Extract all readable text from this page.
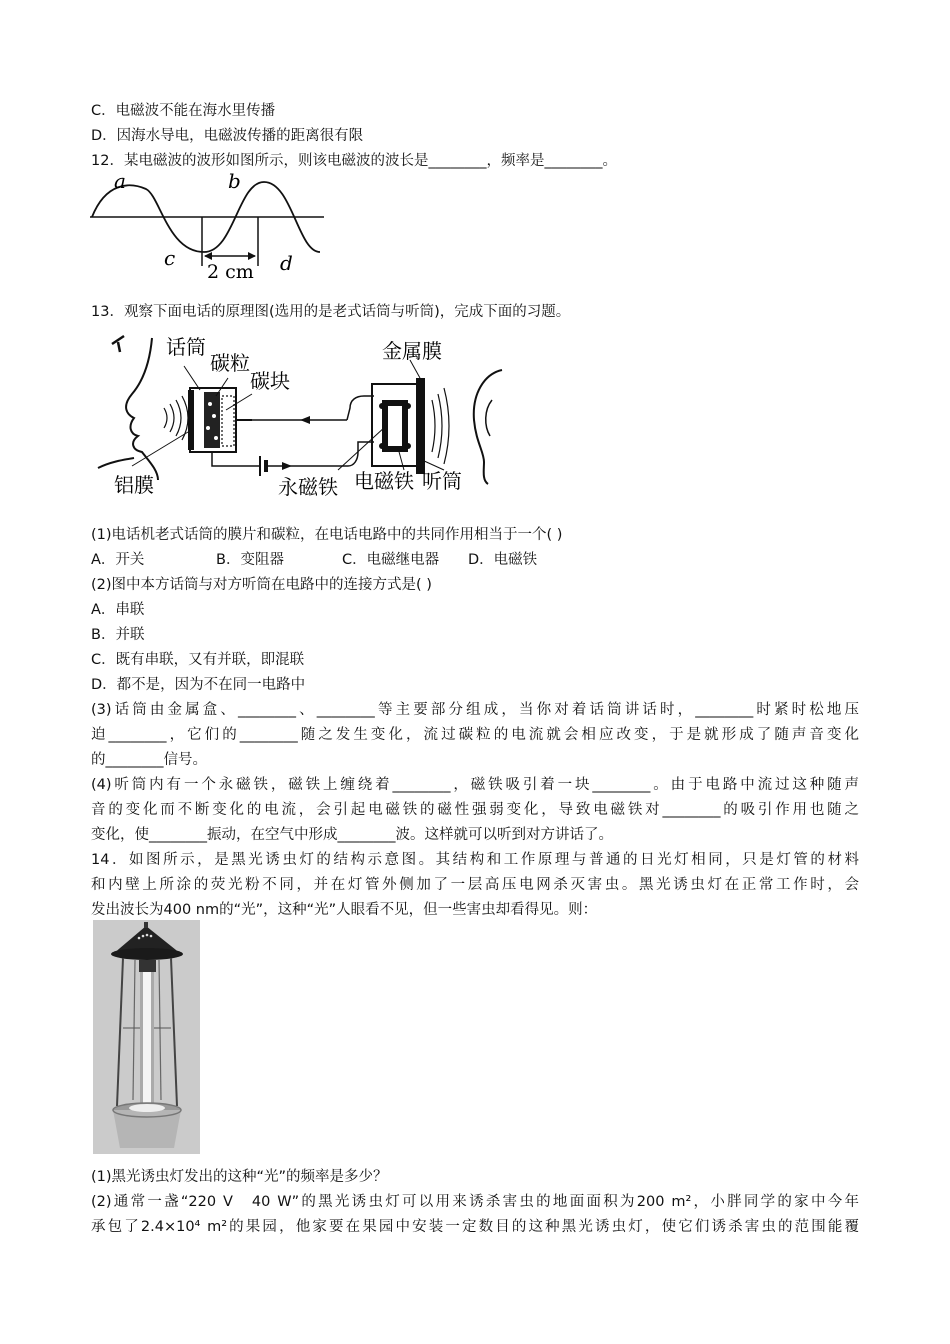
C．电磁波不能在海水里传播
D．因海水导电，电磁波传播的距离很有限
12．某电磁波的波形如图所示，则该电磁波的波长是________，频率是________。
a	b
c	d
2 cm
13．观察下面电话的原理图(选用的是老式话筒与听筒)，完成下面的习题。
话筒
碳粒
碳块
铝膜
金属膜
永磁铁 电磁铁 听筒
(1)电话机老式话筒的膜片和碳粒，在电话电路中的共同作用相当于一个( )
A．开关	B．变阻器	C．电磁继电器 D．电磁铁
(2)图中本方话筒与对方听筒在电路中的连接方式是( )
A．串联
B．并联
C．既有串联，又有并联，即混联
D．都不是，因为不在同一电路中
(3)话筒由金属盒、________、________等主要部分组成，当你对着话筒讲话时，________时紧时松地压
迫________，它们的________随之发生变化，流过碳粒的电流就会相应改变，于是就形成了随声音变化
的________信号。
(4)听筒内有一个永磁铁，磁铁上缠绕着________，磁铁吸引着一块________。由于电路中流过这种随声
音的变化而不断变化的电流，会引起电磁铁的磁性强弱变化，导致电磁铁对________的吸引作用也随之
变化，使________振动，在空气中形成________波。这样就可以听到对方讲话了。
14．如图所示，是黑光诱虫灯的结构示意图。其结构和工作原理与普通的日光灯相同，只是灯管的材料
和内壁上所涂的荧光粉不同，并在灯管外侧加了一层高压电网杀灭害虫。黑光诱虫灯在正常工作时，会
发出波长为400 nm的“光”，这种“光”人眼看不见，但一些害虫却看得见。则：
(1)黑光诱虫灯发出的这种“光”的频率是多少？
(2)通常一盏“220 V　40 W”的黑光诱虫灯可以用来诱杀害虫的地面面积为200 m²，小胖同学的家中今年
承包了2.4×10⁴ m²的果园，他家要在果园中安装一定数目的这种黑光诱虫灯，使它们诱杀害虫的范围能覆
